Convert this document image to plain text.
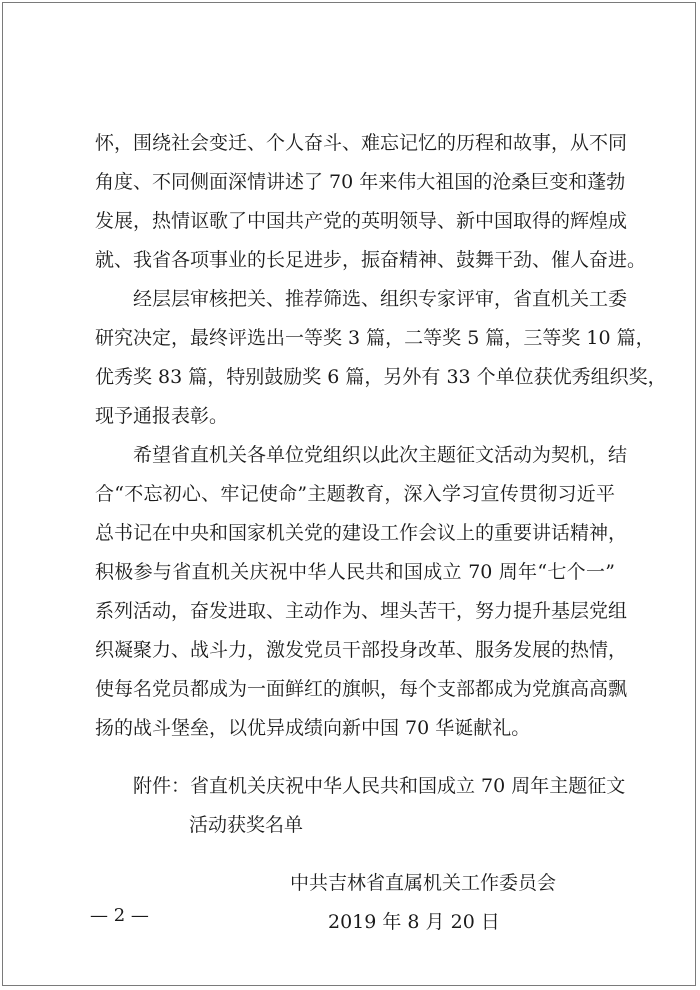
怀，围绕社会变迁、个人奋斗、难忘记忆的历程和故事，从不同
角度、不同侧面深情讲述了 70 年来伟大祖国的沧桑巨变和蓬勃
发展，热情讴歌了中国共产党的英明领导、新中国取得的辉煌成
就、我省各项事业的长足进步，振奋精神、鼓舞干劲、催人奋进。
经层层审核把关、推荐筛选、组织专家评审，省直机关工委
研究决定，最终评选出一等奖 3 篇，二等奖 5 篇，三等奖 10 篇，
优秀奖 83 篇，特别鼓励奖 6 篇，另外有 33 个单位获优秀组织奖，
现予通报表彰。
希望省直机关各单位党组织以此次主题征文活动为契机，结
合“不忘初心、牢记使命”主题教育，深入学习宣传贯彻习近平
总书记在中央和国家机关党的建设工作会议上的重要讲话精神，
积极参与省直机关庆祝中华人民共和国成立 70 周年“七个一”
系列活动，奋发进取、主动作为、埋头苦干，努力提升基层党组
织凝聚力、战斗力，激发党员干部投身改革、服务发展的热情，
使每名党员都成为一面鲜红的旗帜，每个支部都成为党旗高高飘
扬的战斗堡垒，以优异成绩向新中国 70 华诞献礼。
附件：省直机关庆祝中华人民共和国成立 70 周年主题征文
活动获奖名单
中共吉林省直属机关工作委员会
2019 年 8 月 20 日
— 2 —
